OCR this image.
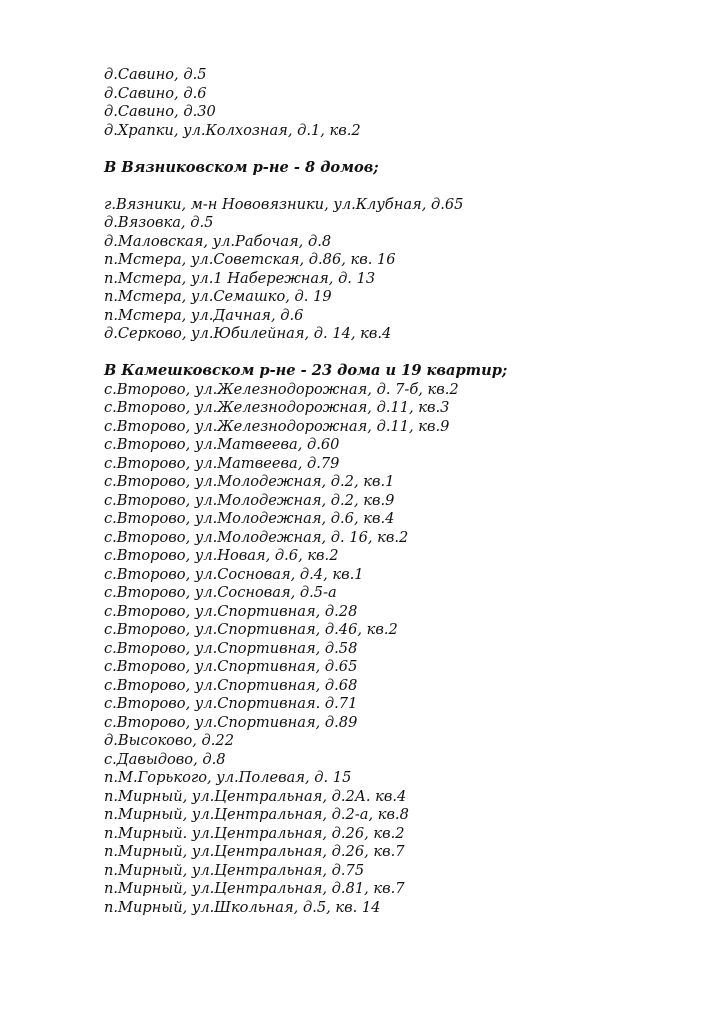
д.Савино, д.5
д.Савино, д.6
д.Савино, д.30
д.Храпки, ул.Колхозная, д.1, кв.2
В Вязниковском р-не - 8 домов;
г.Вязники, м-н Нововязники, ул.Клубная, д.65
д.Вязовка, д.5
д.Маловская, ул.Рабочая, д.8
п.Мстера, ул.Советская, д.86, кв. 16
п.Мстера, ул.1 Набережная, д. 13
п.Мстера, ул.Семашко, д. 19
п.Мстера, ул.Дачная, д.6
д.Серково, ул.Юбилейная, д. 14, кв.4
В Камешковском р-не - 23 дома и 19 квартир;
с.Второво, ул.Железнодорожная, д. 7-б, кв.2
с.Второво, ул.Железнодорожная, д.11, кв.3
с.Второво, ул.Железнодорожная, д.11, кв.9
с.Второво, ул.Матвеева, д.60
с.Второво, ул.Матвеева, д.79
с.Второво, ул.Молодежная, д.2, кв.1
с.Второво, ул.Молодежная, д.2, кв.9
с.Второво, ул.Молодежная, д.6, кв.4
с.Второво, ул.Молодежная, д. 16, кв.2
с.Второво, ул.Новая, д.6, кв.2
с.Второво, ул.Сосновая, д.4, кв.1
с.Второво, ул.Сосновая, д.5-а
с.Второво, ул.Спортивная, д.28
с.Второво, ул.Спортивная, д.46, кв.2
с.Второво, ул.Спортивная, д.58
с.Второво, ул.Спортивная, д.65
с.Второво, ул.Спортивная, д.68
с.Второво, ул.Спортивная. д.71
с.Второво, ул.Спортивная, д.89
д.Высоково, д.22
с.Давыдово, д.8
п.М.Горького, ул.Полевая, д. 15
п.Мирный, ул.Центральная, д.2А. кв.4
п.Мирный, ул.Центральная, д.2-а, кв.8
п.Мирный. ул.Центральная, д.26, кв.2
п.Мирный, ул.Центральная, д.26, кв.7
п.Мирный, ул.Центральная, д.75
п.Мирный, ул.Центральная, д.81, кв.7
п.Мирный, ул.Школьная, д.5, кв. 14
